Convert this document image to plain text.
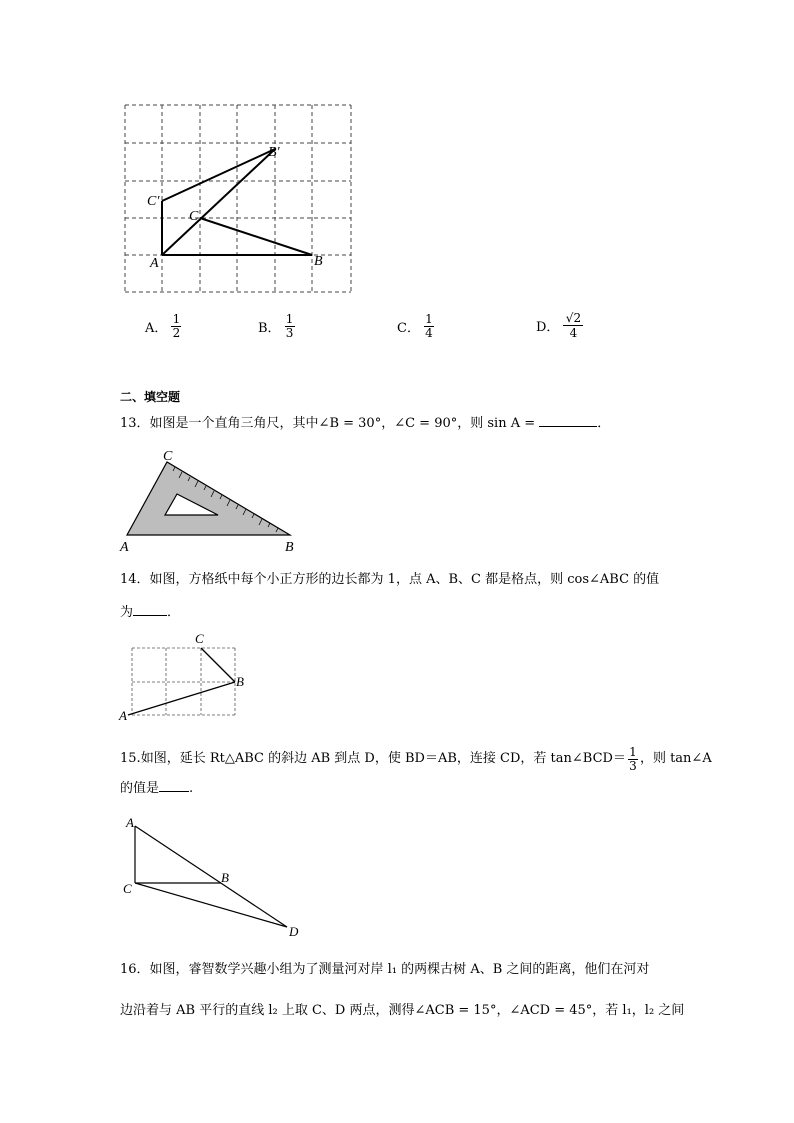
A	B
C
B′
C′
A．
1
2	B．
1
3	C．
1
4	D．
√2
4
二、填空题
13．如图是一个直角三角尺，其中∠B = 30°，∠C = 90°，则 sin A =	．
C
A	B
14．如图，方格纸中每个小正方形的边长都为 1，点 A、B、C 都是格点，则 cos∠ABC 的值
为	．
C
B
A
15. 如图，延长 Rt△ABC 的斜边 AB 到点 D，使 BD＝AB，连接 CD，若 tan∠BCD＝ 1
3 ，则 tan∠A
的值是 .
A
C
B
D
16．如图，睿智数学兴趣小组为了测量河对岸 l₁ 的两棵古树 A、B 之间的距离，他们在河对
边沿着与 AB 平行的直线 l₂ 上取 C、D 两点，测得∠ACB = 15°，∠ACD = 45°，若 l₁，l₂ 之间
